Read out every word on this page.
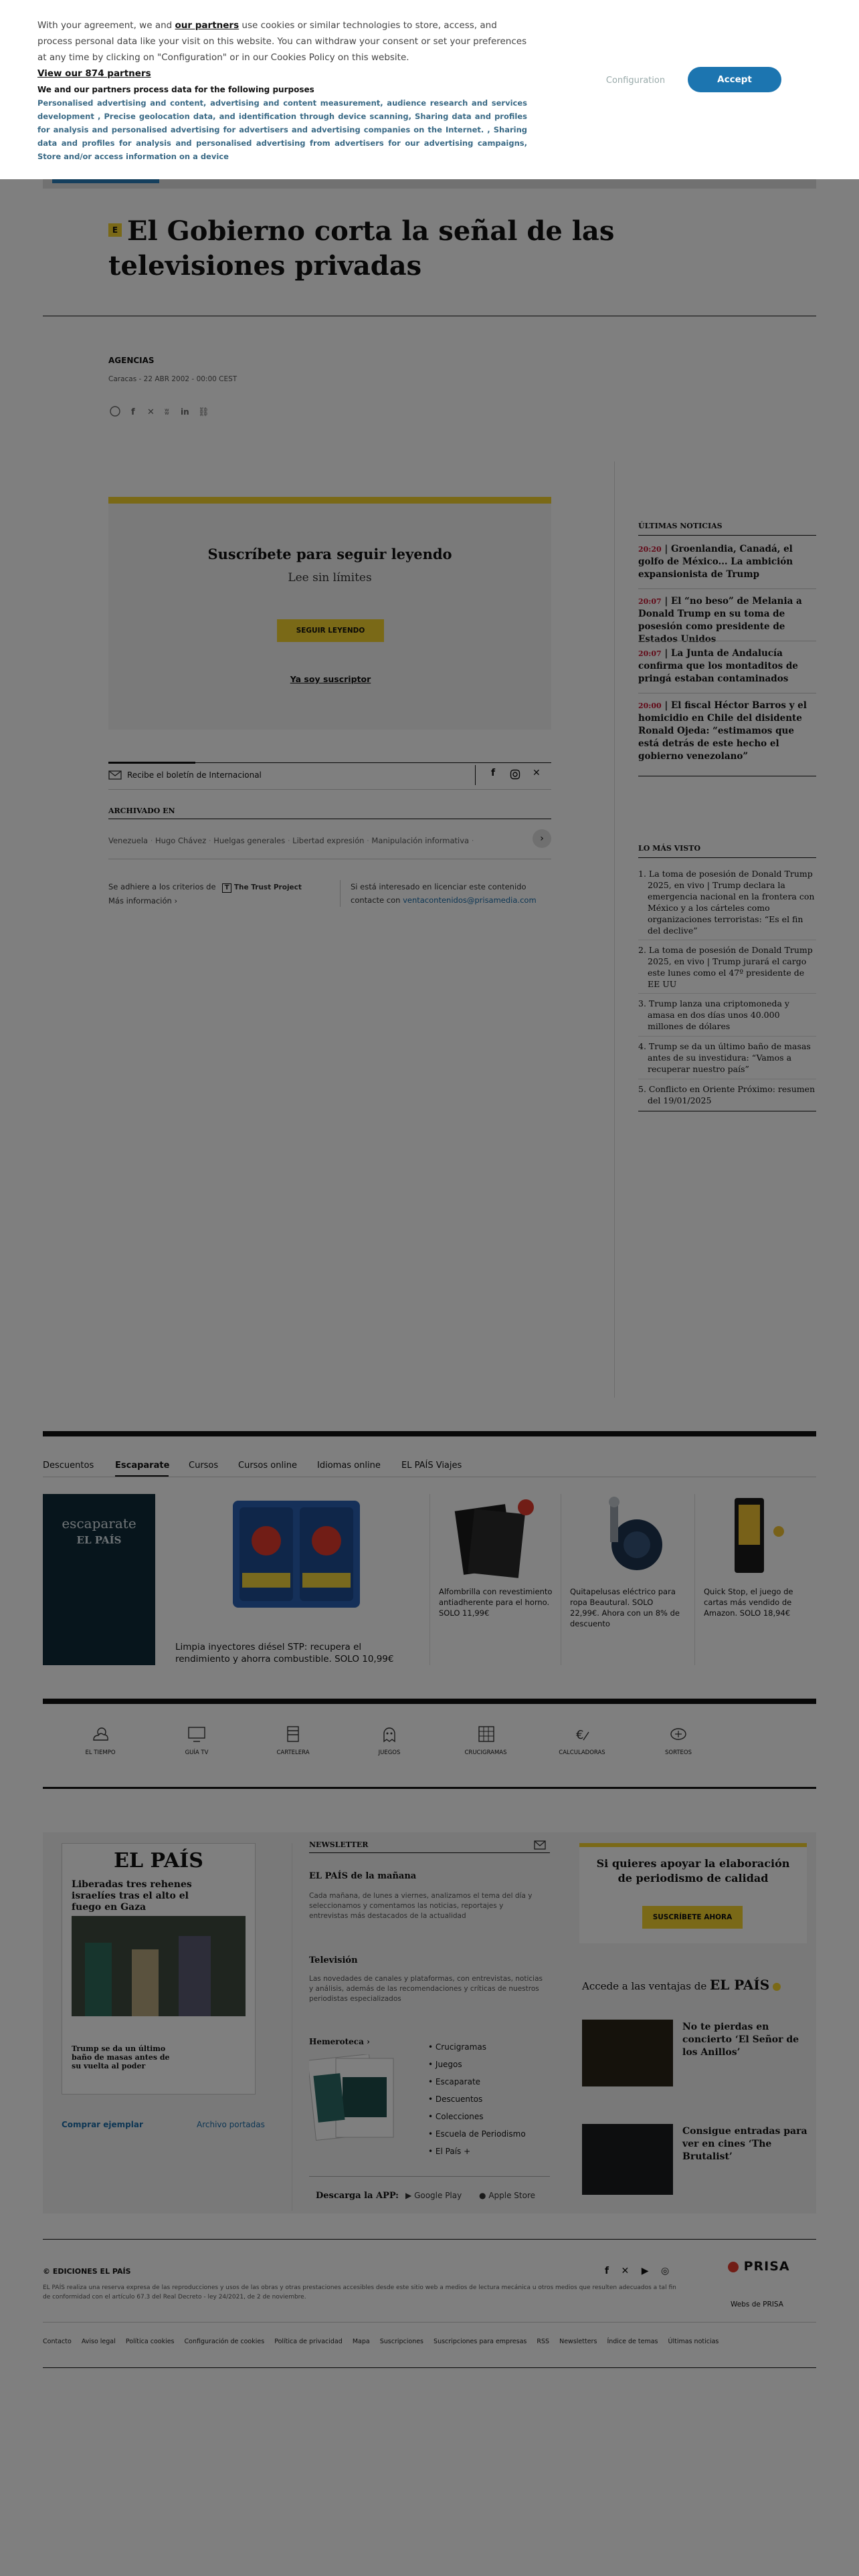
With your agreement, we and our partners use cookies or similar technologies to store, access, and process personal data like your visit on this website. You can withdraw your consent or set your preferences at any time by clicking on "Configuration" or in our Cookies Policy on this website.
View our 874 partners
We and our partners process data for the following purposes
Personalised advertising and content, advertising and content measurement, audience research and services development , Precise geolocation data, and identification through device scanning, Sharing data and profiles for analysis and personalised advertising for advertisers and advertising companies on the Internet. , Sharing data and profiles for analysis and personalised advertising from advertisers for our advertising campaigns, Store and/or access information on a device
Configuration	Accept
